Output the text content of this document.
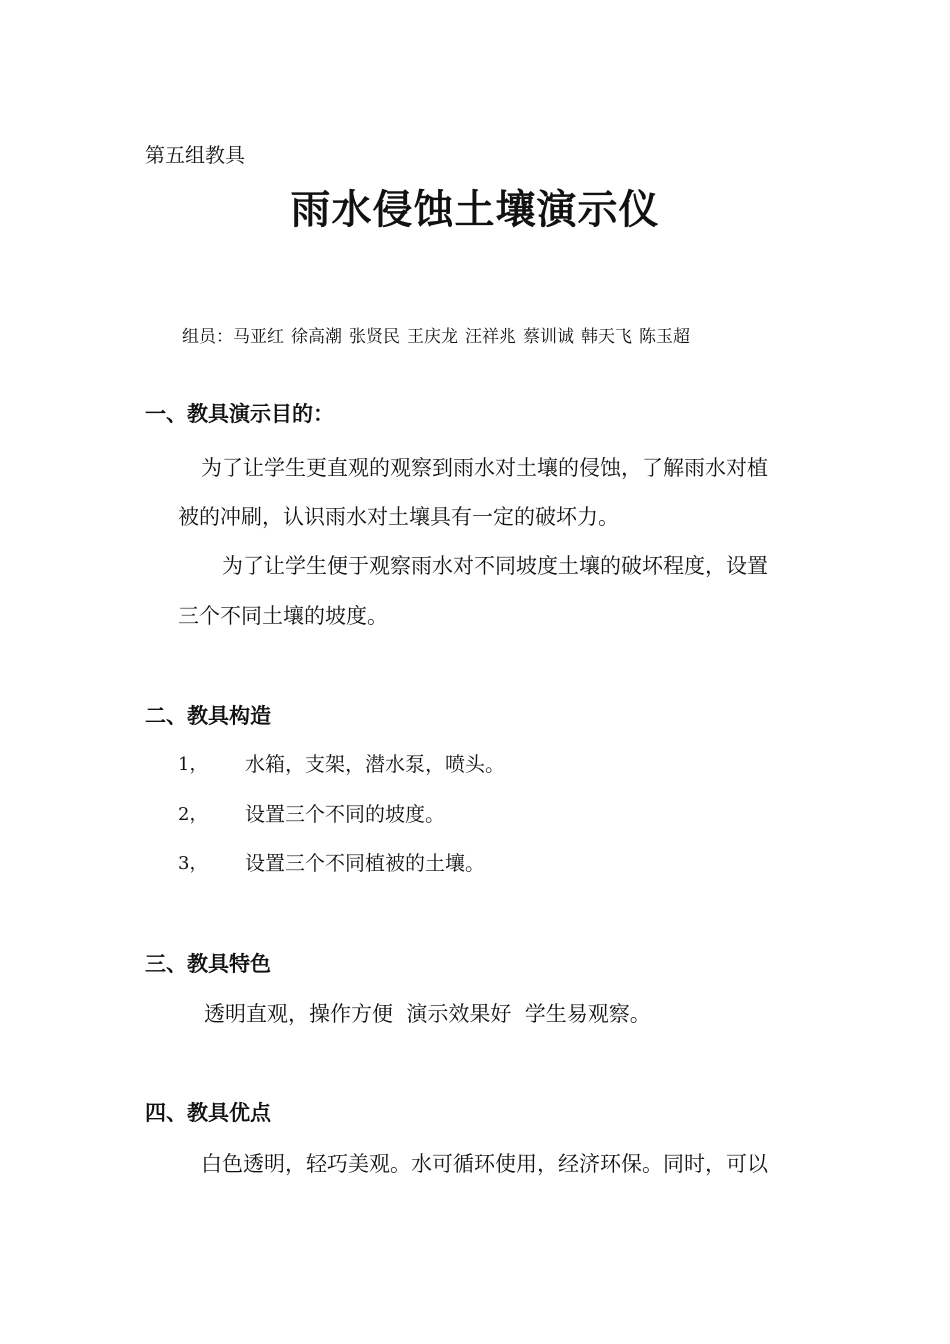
第五组教具
雨水侵蚀土壤演示仪
组员：马亚红 徐高潮 张贤民 王庆龙 汪祥兆 蔡训诚 韩天飞 陈玉超
一、教具演示目的：
为了让学生更直观的观察到雨水对土壤的侵蚀，了解雨水对植
被的冲刷，认识雨水对土壤具有一定的破坏力。
为了让学生便于观察雨水对不同坡度土壤的破坏程度，设置
三个不同土壤的坡度。
二、教具构造
1， 水箱，支架，潜水泵，喷头。
2， 设置三个不同的坡度。
3， 设置三个不同植被的土壤。
三、教具特色
透明直观，操作方便  演示效果好  学生易观察。
四、教具优点
白色透明，轻巧美观。水可循环使用，经济环保。同时，可以
